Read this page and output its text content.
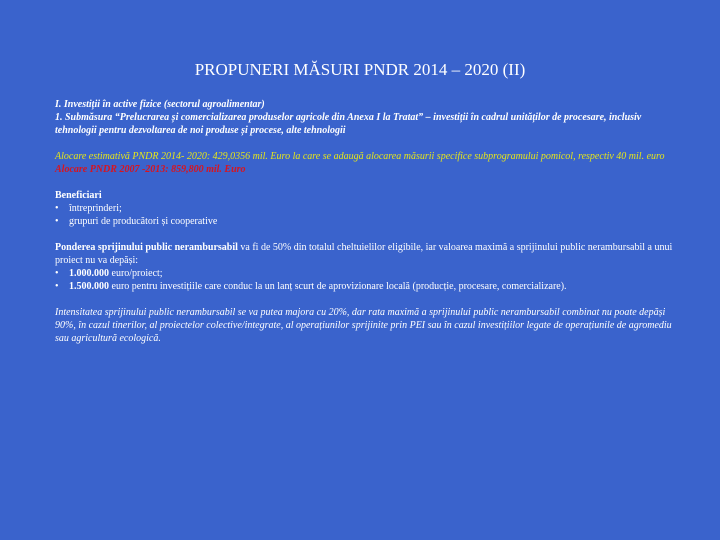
PROPUNERI MĂSURI PNDR 2014 – 2020 (II)

I. Investiții în active fizice (sectorul agroalimentar)

1. Submăsura “Prelucrarea și comercializarea produselor agricole din Anexa I la Tratat” – investiții în cadrul unităților de procesare, inclusiv tehnologii pentru dezvoltarea de noi produse și procese, alte tehnologii

Alocare estimativă PNDR 2014- 2020: 429,0356 mil. Euro la care se adaugă alocarea măsurii specifice subprogramului pomicol, respectiv 40 mil. euro

Alocare PNDR 2007 -2013: 859,800 mil. Euro

Beneficiari

• întreprinderi;

• grupuri de producători și cooperative

Ponderea sprijinului public nerambursabil va fi de 50% din totalul cheltuielilor eligibile, iar valoarea maximă a sprijinului public nerambursabil a unui proiect nu va depăși:

• 1.000.000 euro/proiect;

• 1.500.000 euro pentru investițiile care conduc la un lanț scurt de aprovizionare locală (producție, procesare, comercializare).

Intensitatea sprijinului public nerambursabil se va putea majora cu 20%, dar rata maximă a sprijinului public nerambursabil combinat nu poate depăși 90%, în cazul tinerilor, al proiectelor colective/integrate, al operațiunilor sprijinite prin PEI sau în cazul investițiilor legate de operațiunile de agromediu sau agricultură ecologică.
